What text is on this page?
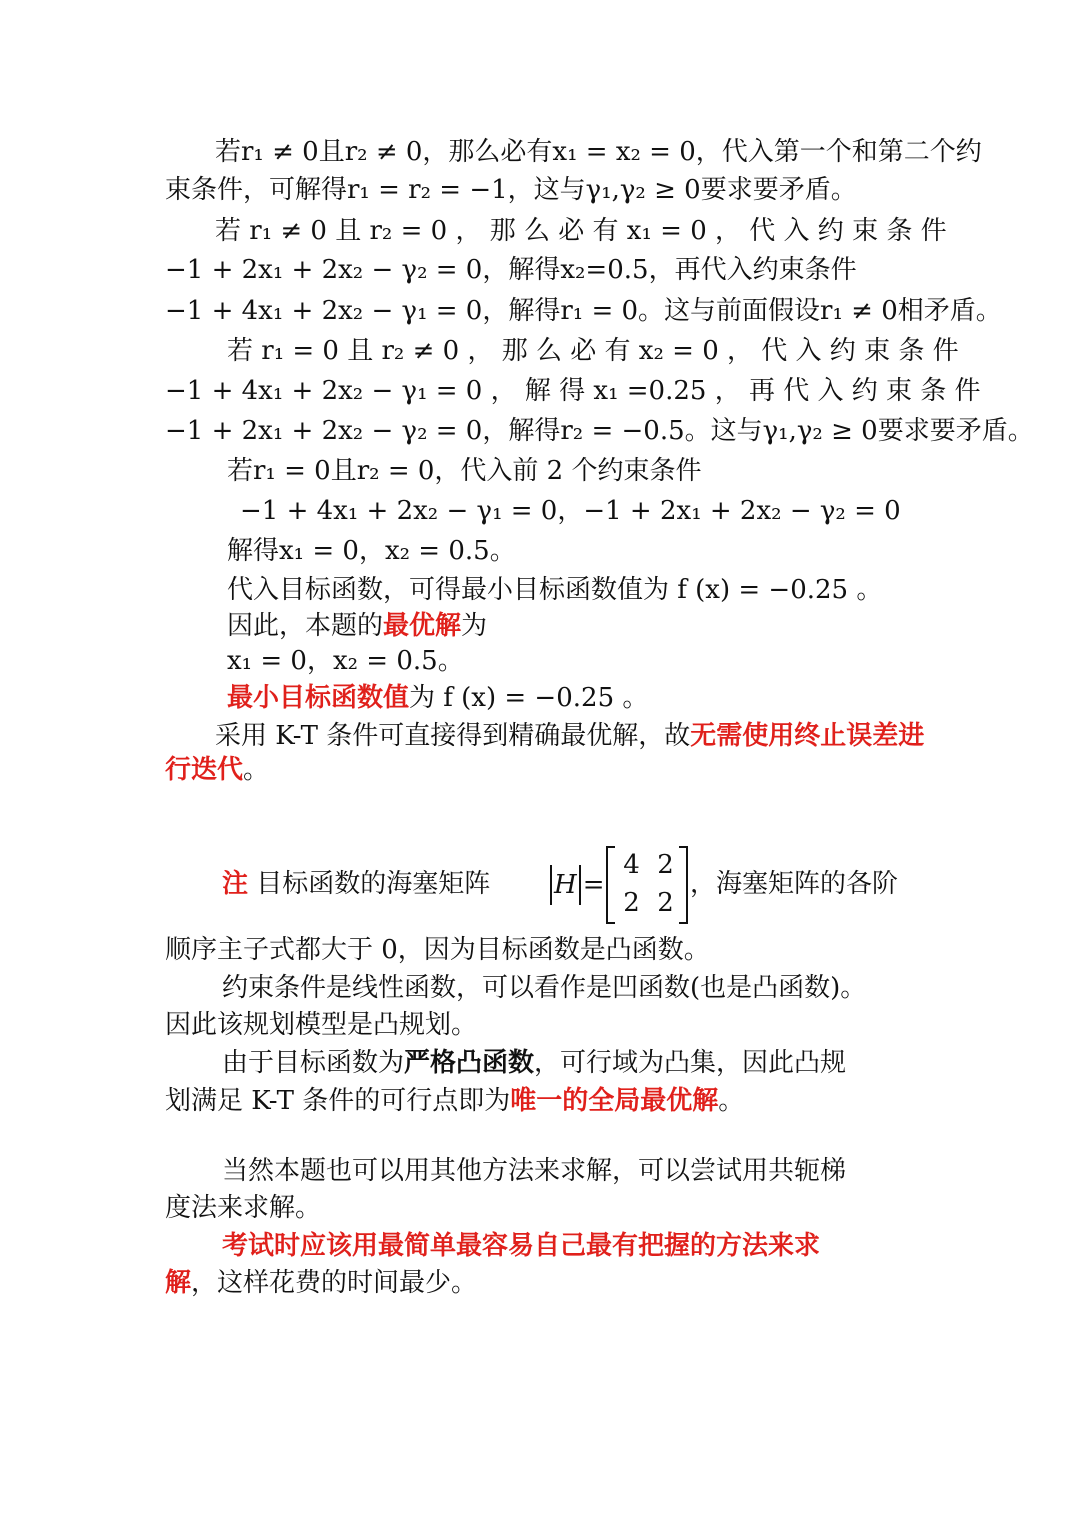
若r₁ ≠ 0且r₂ ≠ 0，那么必有x₁ = x₂ = 0，代入第一个和第二个约
束条件，可解得r₁ = r₂ = −1，这与γ₁,γ₂ ≥ 0要求要矛盾。
若 r₁ ≠ 0 且 r₂ = 0 ， 那 么 必 有 x₁ = 0 ， 代 入 约 束 条 件
−1 + 2x₁ + 2x₂ − γ₂ = 0，解得x₂=0.5，再代入约束条件
−1 + 4x₁ + 2x₂ − γ₁ = 0，解得r₁ = 0。这与前面假设r₁ ≠ 0相矛盾。
若 r₁ = 0 且 r₂ ≠ 0 ， 那 么 必 有 x₂ = 0 ， 代 入 约 束 条 件
−1 + 4x₁ + 2x₂ − γ₁ = 0 ， 解 得 x₁ =0.25 ， 再 代 入 约 束 条 件
−1 + 2x₁ + 2x₂ − γ₂ = 0，解得r₂ = −0.5。这与γ₁,γ₂ ≥ 0要求要矛盾。
若r₁ = 0且r₂ = 0，代入前 2 个约束条件
−1 + 4x₁ + 2x₂ − γ₁ = 0，−1 + 2x₁ + 2x₂ − γ₂ = 0
解得x₁ = 0，x₂ = 0.5。
代入目标函数，可得最小目标函数值为 f (x) = −0.25 。
因此，本题的最优解为
x₁ = 0，x₂ = 0.5。
最小目标函数值为 f (x) = −0.25 。
采用 K-T 条件可直接得到精确最优解，故无需使用终止误差进
行迭代。
注 目标函数的海塞矩阵 H =
4 2
2 2
，海塞矩阵的各阶
顺序主子式都大于 0，因为目标函数是凸函数。
约束条件是线性函数，可以看作是凹函数(也是凸函数)。
因此该规划模型是凸规划。
由于目标函数为严格凸函数，可行域为凸集，因此凸规
划满足 K-T 条件的可行点即为唯一的全局最优解。
当然本题也可以用其他方法来求解，可以尝试用共轭梯
度法来求解。
考试时应该用最简单最容易自己最有把握的方法来求
解，这样花费的时间最少。
